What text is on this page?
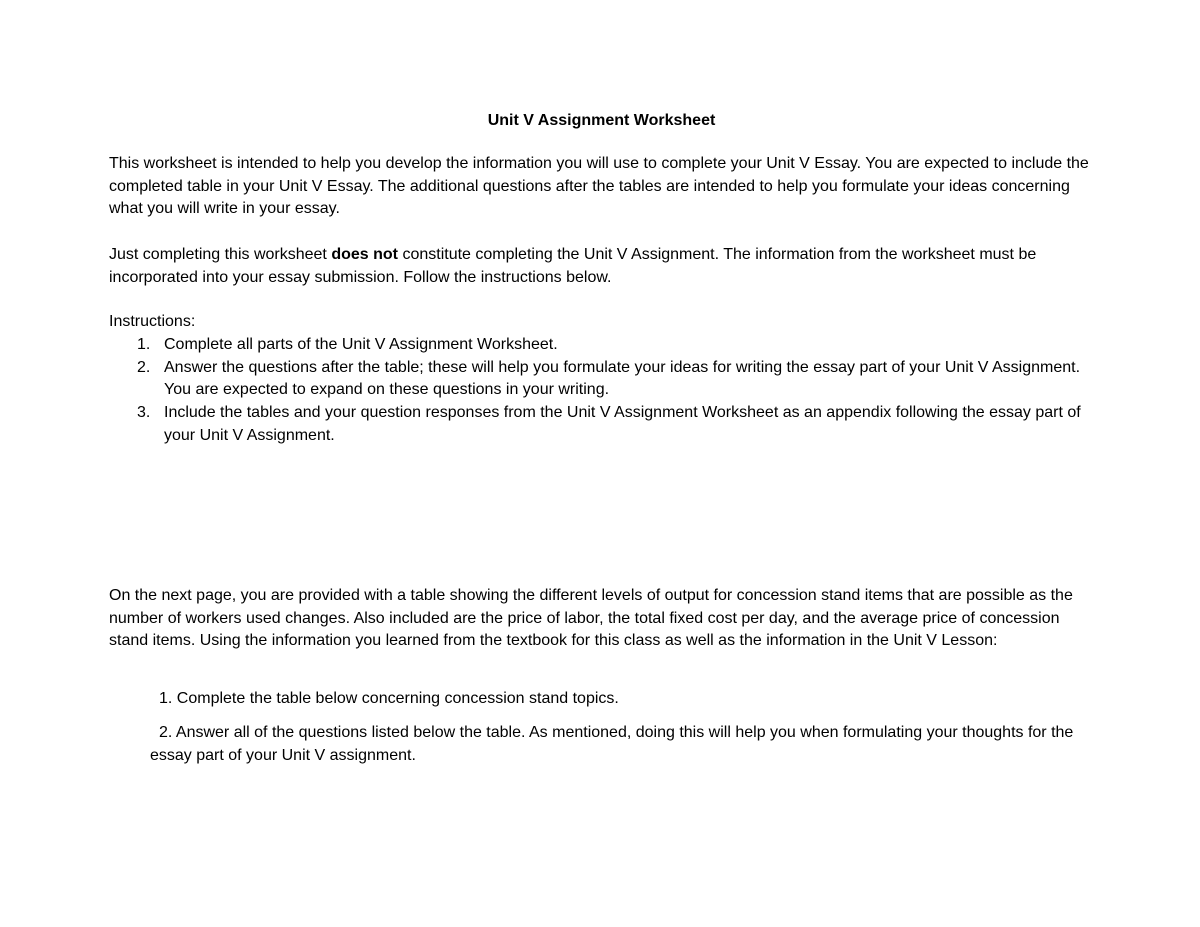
Unit V Assignment Worksheet

This worksheet is intended to help you develop the information you will use to complete your Unit V Essay. You are expected to include the completed table in your Unit V Essay. The additional questions after the tables are intended to help you formulate your ideas concerning what you will write in your essay.

Just completing this worksheet does not constitute completing the Unit V Assignment. The information from the worksheet must be incorporated into your essay submission. Follow the instructions below.

Instructions:
1. Complete all parts of the Unit V Assignment Worksheet.
2. Answer the questions after the table; these will help you formulate your ideas for writing the essay part of your Unit V Assignment. You are expected to expand on these questions in your writing.
3. Include the tables and your question responses from the Unit V Assignment Worksheet as an appendix following the essay part of your Unit V Assignment.

On the next page, you are provided with a table showing the different levels of output for concession stand items that are possible as the number of workers used changes. Also included are the price of labor, the total fixed cost per day, and the average price of concession stand items. Using the information you learned from the textbook for this class as well as the information in the Unit V Lesson:

1. Complete the table below concerning concession stand topics.
2. Answer all of the questions listed below the table. As mentioned, doing this will help you when formulating your thoughts for the essay part of your Unit V assignment.
